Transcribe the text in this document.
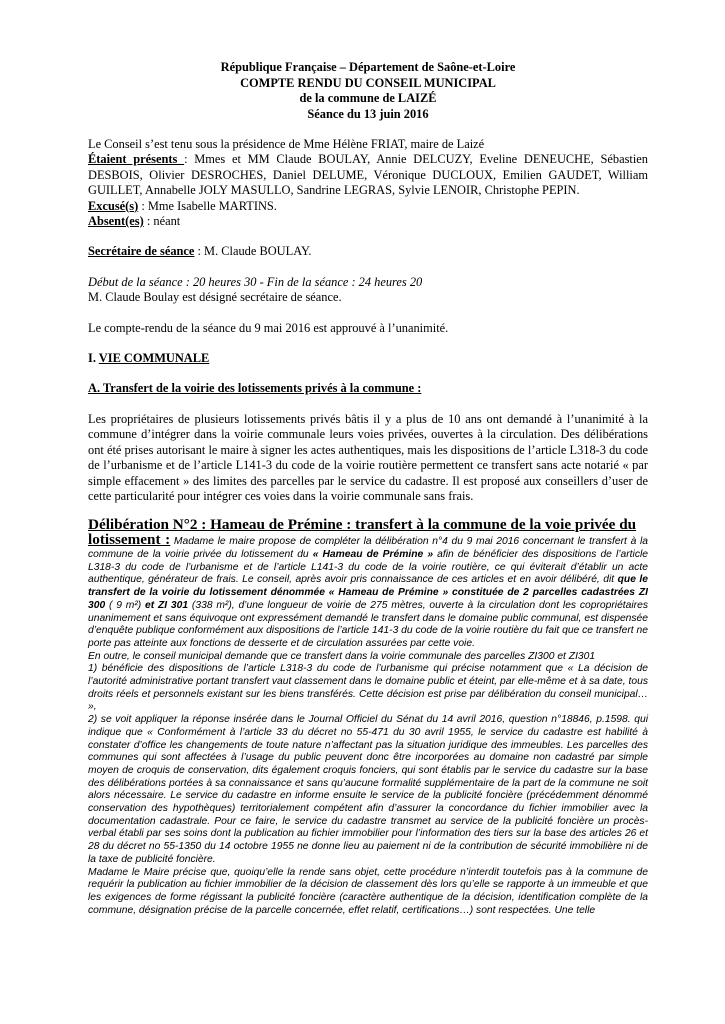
République Française – Département de Saône-et-Loire
COMPTE RENDU DU CONSEIL MUNICIPAL
de la commune de LAIZÉ
Séance du 13 juin 2016

Le Conseil s’est tenu sous la présidence de Mme Hélène FRIAT, maire de Laizé

Étaient présents : Mmes et MM Claude BOULAY, Annie DELCUZY, Eveline DENEUCHE, Sébastien DESBOIS, Olivier DESROCHES, Daniel DELUME, Véronique DUCLOUX, Emilien GAUDET, William GUILLET, Annabelle JOLY MASULLO, Sandrine LEGRAS, Sylvie LENOIR, Christophe PEPIN.

Excusé(s) : Mme Isabelle MARTINS.

Absent(es) : néant

Secrétaire de séance : M. Claude BOULAY.

Début de la séance : 20 heures 30 - Fin de la séance : 24 heures 20

M. Claude Boulay est désigné secrétaire de séance.

Le compte-rendu de la séance du 9 mai 2016 est approuvé à l’unanimité.

I. VIE COMMUNALE

A. Transfert de la voirie des lotissements privés à la commune :

Les propriétaires de plusieurs lotissements privés bâtis il y a plus de 10 ans ont demandé à l’unanimité à la commune d’intégrer dans la voirie communale leurs voies privées, ouvertes à la circulation. Des délibérations ont été prises autorisant le maire à signer les actes authentiques, mais les dispositions de l’article L318-3 du code de l’urbanisme et de l’article L141-3 du code de la voirie routière permettent ce transfert sans acte notarié « par simple effacement » des limites des parcelles par le service du cadastre. Il est proposé aux conseillers d’user de cette particularité pour intégrer ces voies dans la voirie communale sans frais.

Délibération N°2 : Hameau de Prémine : transfert à la commune de la voie privée du

lotissement : Madame le maire propose de compléter la délibération n°4 du 9 mai 2016 concernant le transfert à la commune de la voirie privée du lotissement du « Hameau de Prémine » afin de bénéficier des dispositions de l’article L318-3 du code de l’urbanisme et de l’article L141-3 du code de la voirie routière, ce qui éviterait d’établir un acte authentique, générateur de frais. Le conseil, après avoir pris connaissance de ces articles et en avoir délibéré, dit que le transfert de la voirie du lotissement dénommée « Hameau de Prémine » constituée de 2 parcelles cadastrées ZI 300 ( 9 m²) et ZI 301 (338 m²), d’une longueur de voirie de 275 mètres, ouverte à la circulation dont les copropriétaires unanimement et sans équivoque ont expressément demandé le transfert dans le domaine public communal, est dispensée d’enquête publique conformément aux dispositions de l’article 141-3 du code de la voirie routière du fait que ce transfert ne porte pas atteinte aux fonctions de desserte et de circulation assurées par cette voie.

En outre, le conseil municipal demande que ce transfert dans la voirie communale des parcelles ZI300 et ZI301

1) bénéficie des dispositions de l’article L318-3 du code de l’urbanisme qui précise notamment que « La décision de l’autorité administrative portant transfert vaut classement dans le domaine public et éteint, par elle-même et à sa date, tous droits réels et personnels existant sur les biens transférés. Cette décision est prise par délibération du conseil municipal… »,

2) se voit appliquer la réponse insérée dans le Journal Officiel du Sénat du 14 avril 2016, question n°18846, p.1598. qui indique que « Conformément à l’article 33 du décret no 55-471 du 30 avril 1955, le service du cadastre est habilité à constater d’office les changements de toute nature n’affectant pas la situation juridique des immeubles. Les parcelles des communes qui sont affectées à l’usage du public peuvent donc être incorporées au domaine non cadastré par simple moyen de croquis de conservation, dits également croquis fonciers, qui sont établis par le service du cadastre sur la base des délibérations portées à sa connaissance et sans qu’aucune formalité supplémentaire de la part de la commune ne soit alors nécessaire. Le service du cadastre en informe ensuite le service de la publicité foncière (précédemment dénommé conservation des hypothèques) territorialement compétent afin d’assurer la concordance du fichier immobilier avec la documentation cadastrale. Pour ce faire, le service du cadastre transmet au service de la publicité foncière un procès-verbal établi par ses soins dont la publication au fichier immobilier pour l’information des tiers sur la base des articles 26 et 28 du décret no 55-1350 du 14 octobre 1955 ne donne lieu au paiement ni de la contribution de sécurité immobilière ni de la taxe de publicité foncière.

Madame le Maire précise que, quoiqu’elle la rende sans objet, cette procédure n’interdit toutefois pas à la commune de requérir la publication au fichier immobilier de la décision de classement dès lors qu’elle se rapporte à un immeuble et que les exigences de forme régissant la publicité foncière (caractère authentique de la décision, identification complète de la commune, désignation précise de la parcelle concernée, effet relatif, certifications…) sont respectées. Une telle
